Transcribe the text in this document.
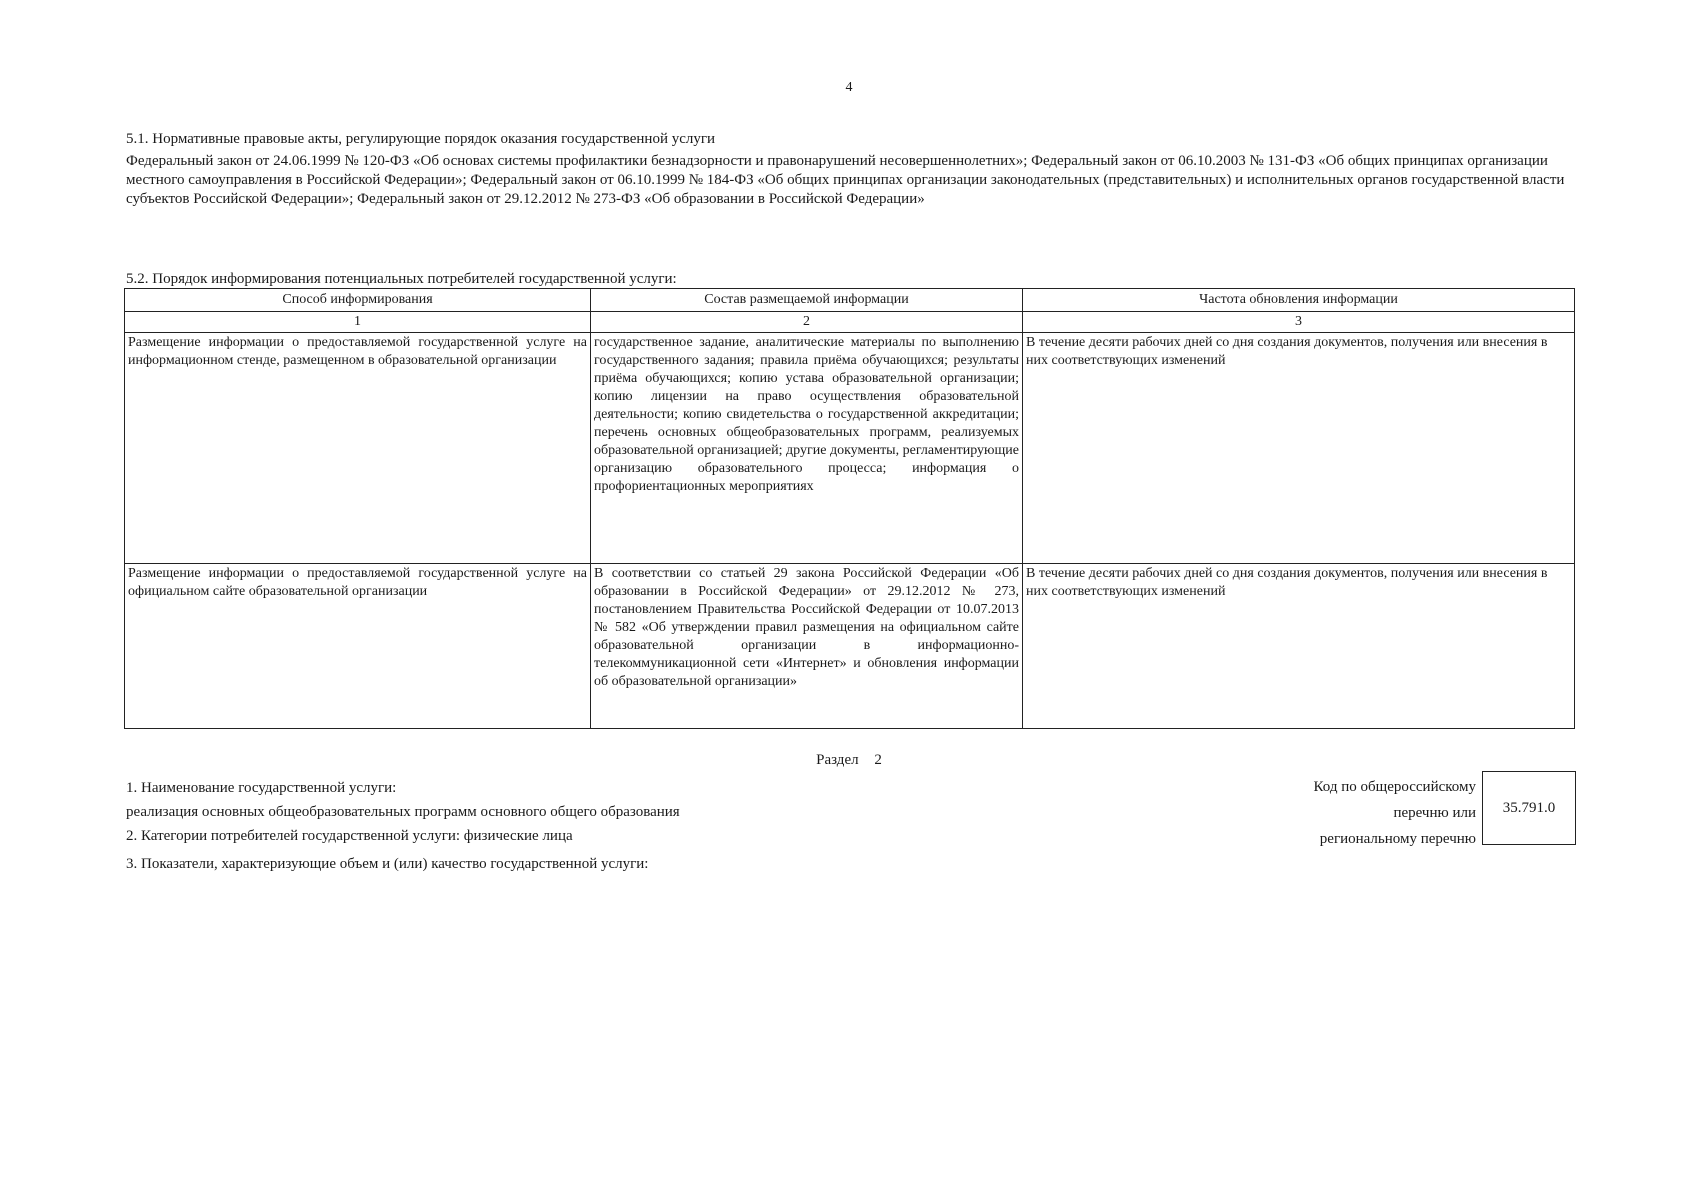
4
5.1. Нормативные правовые акты, регулирующие порядок оказания государственной услуги
Федеральный закон от 24.06.1999 № 120-ФЗ «Об основах системы профилактики безнадзорности и правонарушений несовершеннолетних»; Федеральный закон от 06.10.2003 № 131-ФЗ «Об общих принципах организации местного самоуправления в Российской Федерации»; Федеральный закон от 06.10.1999 № 184-ФЗ «Об общих принципах организации законодательных (представительных) и исполнительных органов государственной власти субъектов Российской Федерации»; Федеральный закон от 29.12.2012 № 273-ФЗ «Об образовании в Российской Федерации»
5.2. Порядок информирования потенциальных потребителей государственной услуги:
Способ информирования	Состав размещаемой информации	Частота обновления информации
1	2	3
Размещение информации о предоставляемой государственной услуге на информационном стенде, размещенном в образовательной организации	государственное задание, аналитические материалы по выполнению государственного задания; правила приёма обучающихся; результаты приёма обучающихся; копию устава образовательной организации; копию лицензии на право осуществления образовательной деятельности; копию свидетельства о государственной аккредитации; перечень основных общеобразовательных программ, реализуемых образовательной организацией; другие документы, регламентирующие организацию образовательного процесса; информация о профориентационных мероприятиях	В течение десяти рабочих дней со дня создания документов, получения или внесения в них соответствующих изменений
Размещение информации о предоставляемой государственной услуге на официальном сайте образовательной организации	В соответствии со статьей 29 закона Российской Федерации «Об образовании в Российской Федерации» от 29.12.2012 № 273, постановлением Правительства Российской Федерации от 10.07.2013 № 582 «Об утверждении правил размещения на официальном сайте образовательной организации в информационно-телекоммуникационной сети «Интернет» и обновления информации об образовательной организации»	В течение десяти рабочих дней со дня создания документов, получения или внесения в них соответствующих изменений
Раздел 2
1. Наименование государственной услуги:
реализация основных общеобразовательных программ основного общего образования
2. Категории потребителей государственной услуги: физические лица
3. Показатели, характеризующие объем и (или) качество государственной услуги:
Код по общероссийскому
перечню или
региональному перечню
35.791.0
